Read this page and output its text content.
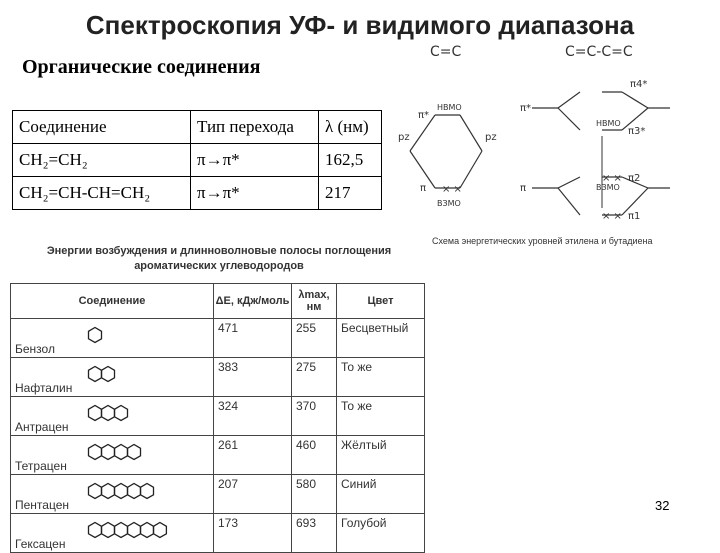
Спектроскопия УФ- и видимого диапазона
Органические соединения
Соединение	Тип перехода	λ (нм)
CH₂=CH₂	π→π*	162,5
CH₂=CH-CH=CH₂	π→π*	217
C=C	C=C-C=C
π*
π
НВМО
ВЗМО
pz	pz
π*
π
НВМО
ВЗМО
π4*
π3*
π2
π1
× ×
× ×
× ×
Схема энергетических уровней этилена и бутадиена
Энергии возбуждения и длинноволновые полосы поглощения
ароматических углеводородов
Соединение	ΔE, кДж/моль	λmax, нм	Цвет

Бензол	471	255	Бесцветный

Нафталин	383	275	То же

Антрацен	324	370	То же

Тетрацен	261	460	Жёлтый

Пентацен	207	580	Синий

Гексацен	173	693	Голубой
32
